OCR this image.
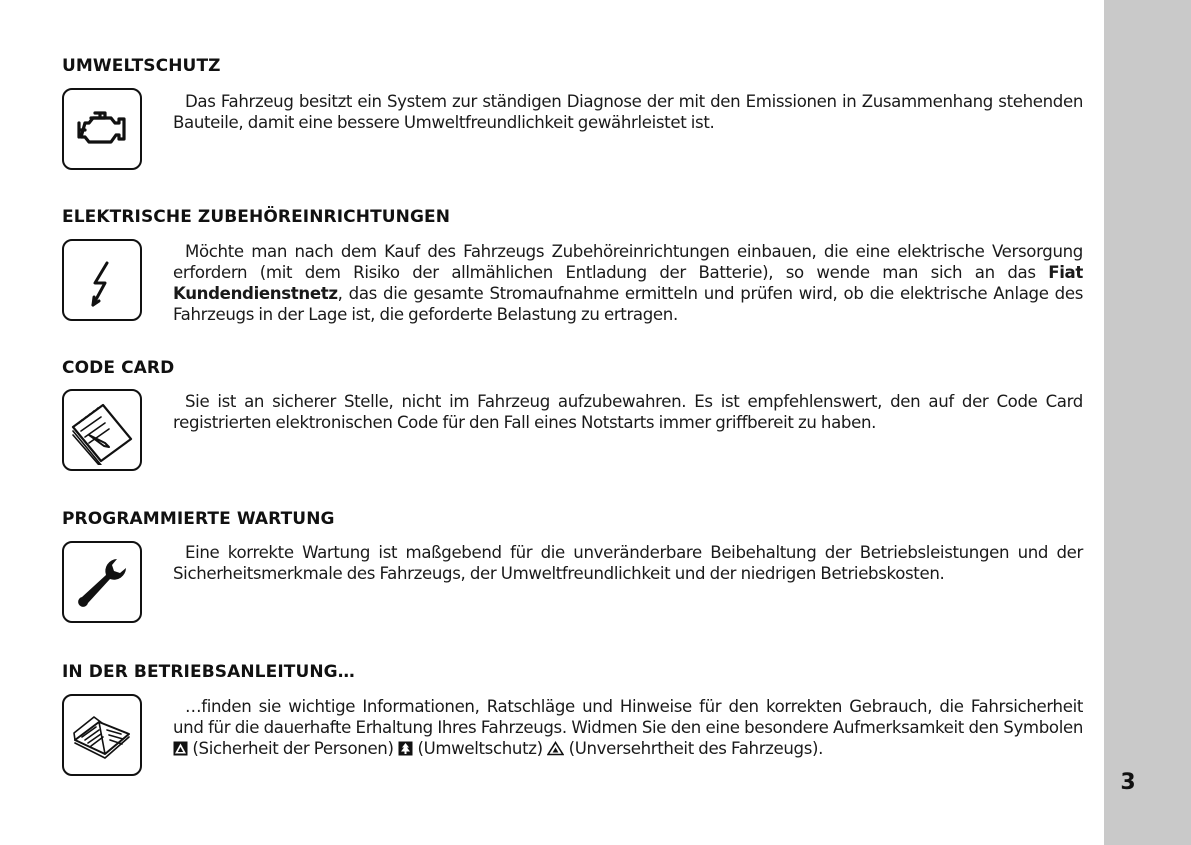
3
UMWELTSCHUTZ

Das Fahrzeug besitzt ein System zur ständigen Diagnose der mit den Emissionen in Zusammenhang stehenden Bauteile, damit eine bessere Umweltfreundlichkeit gewährleistet ist.

ELEKTRISCHE ZUBEHÖREINRICHTUNGEN

Möchte man nach dem Kauf des Fahrzeugs Zubehöreinrichtungen einbauen, die eine elektrische Versorgung erfordern (mit dem Risiko der allmählichen Entladung der Batterie), so wende man sich an das Fiat Kundendienstnetz, das die gesamte Stromaufnahme ermitteln und prüfen wird, ob die elektrische Anlage des Fahrzeugs in der Lage ist, die geforderte Belastung zu ertragen.

CODE CARD

Sie ist an sicherer Stelle, nicht im Fahrzeug aufzubewahren. Es ist empfehlenswert, den auf der Code Card registrierten elektronischen Code für den Fall eines Notstarts immer griffbereit zu haben.

PROGRAMMIERTE WARTUNG

Eine korrekte Wartung ist maßgebend für die unveränderbare Beibehaltung der Betriebsleistungen und der Sicherheitsmerkmale des Fahrzeugs, der Umweltfreundlichkeit und der niedrigen Betriebskosten.

IN DER BETRIEBSANLEITUNG…

…finden sie wichtige Informationen, Ratschläge und Hinweise für den korrekten Gebrauch, die Fahrsicherheit und für die dauerhafte Erhaltung Ihres Fahrzeugs. Widmen Sie den eine besondere Aufmerksamkeit den Symbolen  (Sicherheit der Personen)  (Umweltschutz)  (Unversehrtheit des Fahrzeugs).
